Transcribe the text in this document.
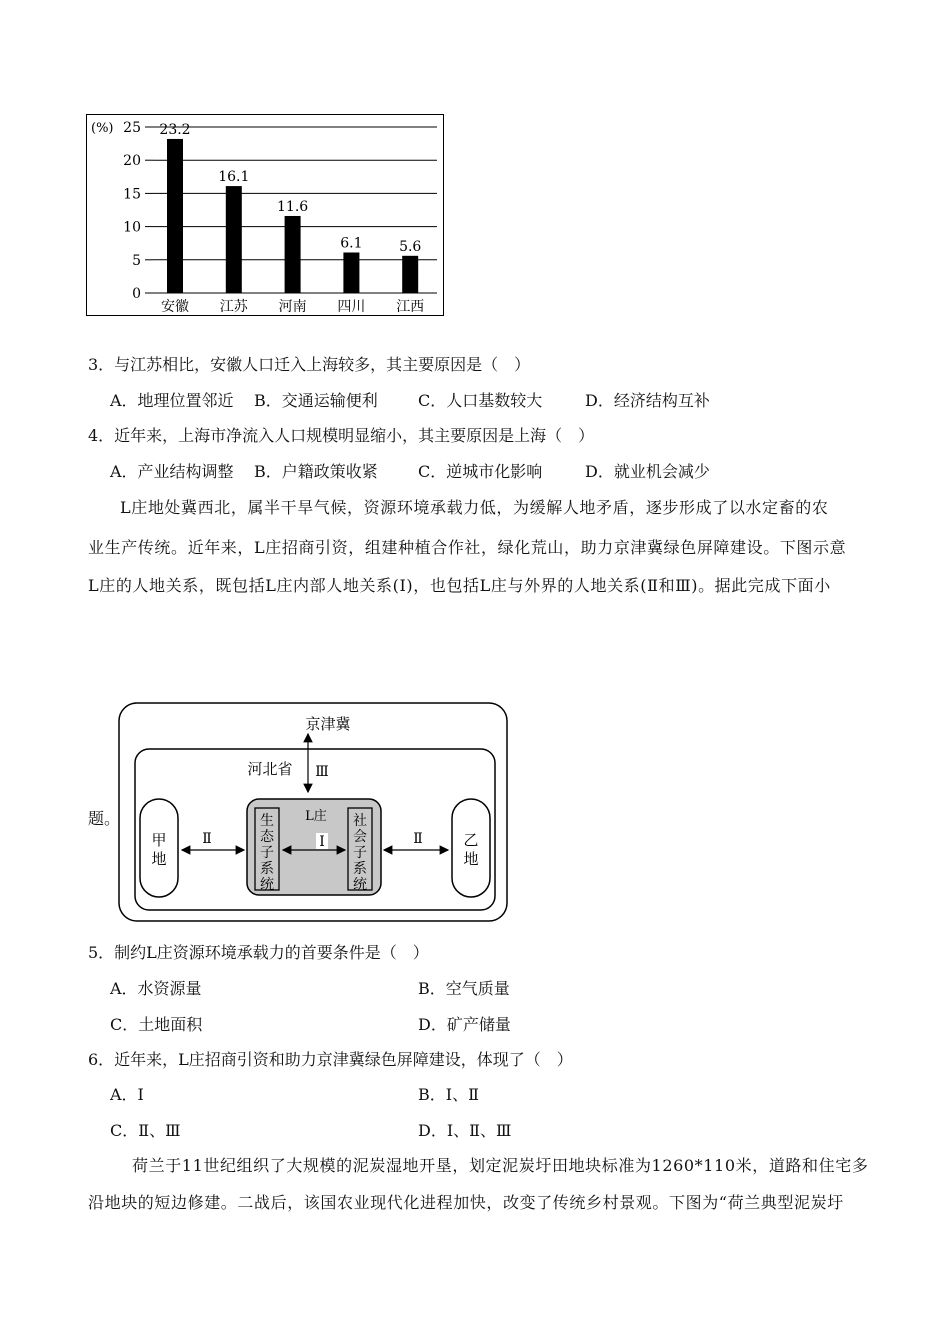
0
5
10
15
20
25
(%)	23.2
安徽
16.1
江苏
11.6
河南
6.1
四川
5.6
江西
3．与江苏相比，安徽人口迁入上海较多，其主要原因是（　）
A．地理位置邻近 B．交通运输便利	C．人口基数较大	D．经济结构互补
4．近年来，上海市净流入人口规模明显缩小，其主要原因是上海（　）
A．产业结构调整 B．户籍政策收紧	C．逆城市化影响	D．就业机会减少
L庄地处冀西北，属半干旱气候，资源环境承载力低，为缓解人地矛盾，逐步形成了以水定畜的农
业生产传统。近年来，L庄招商引资，组建种植合作社，绿化荒山，助力京津冀绿色屏障建设。下图示意
L庄的人地关系，既包括L庄内部人地关系(Ⅰ)，也包括L庄与外界的人地关系(Ⅱ和Ⅲ)。据此完成下面小
题。
京津冀
河北省 Ⅲ
L庄
Ⅰ
生
态
子
系
统
社
会
子
系
统
甲
地
乙
地
Ⅱ	Ⅱ
5．制约L庄资源环境承载力的首要条件是（　）
A．水资源量	B．空气质量
C．土地面积	D．矿产储量
6．近年来，L庄招商引资和助力京津冀绿色屏障建设，体现了（　）
A．Ⅰ	B．Ⅰ、Ⅱ
C．Ⅱ、Ⅲ	D．Ⅰ、Ⅱ、Ⅲ
荷兰于11世纪组织了大规模的泥炭湿地开垦，划定泥炭圩田地块标准为1260*110米，道路和住宅多
沿地块的短边修建。二战后，该国农业现代化进程加快，改变了传统乡村景观。下图为“荷兰典型泥炭圩
